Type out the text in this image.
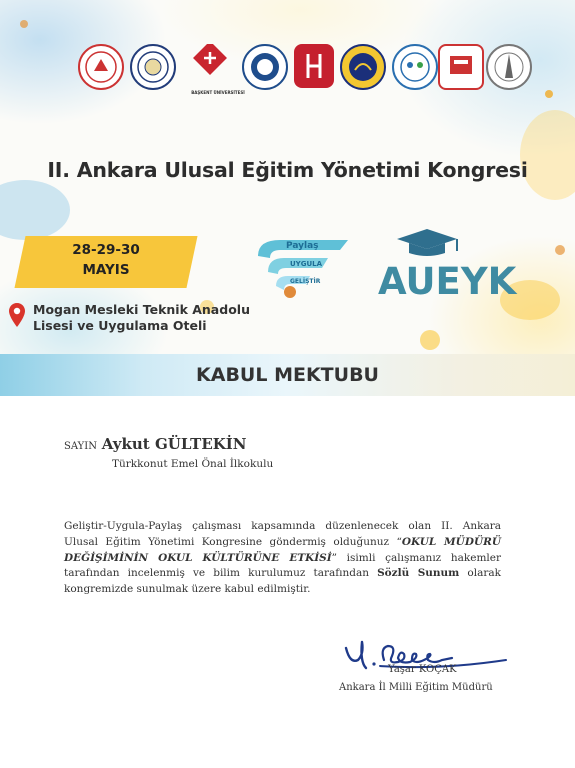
BAŞKENT ÜNİVERSİTESİ
II. Ankara Ulusal Eğitim Yönetimi Kongresi
28-29-30
MAYIS
Mogan Mesleki Teknik Anadolu
Lisesi ve Uygulama Oteli
Paylaş
UYGULA
GELİŞTİR AUEYK
KABUL MEKTUBU
SAYIN Aykut GÜLTEKİN
Türkkonut Emel Önal İlkokulu
Geliştir-Uygula-Paylaş çalışması kapsamında düzenlenecek olan II. Ankara
Ulusal Eğitim Yönetimi Kongresine göndermiş olduğunuz “OKUL MÜDÜRÜ
DEĞİŞİMİNİN OKUL KÜLTÜRÜNE ETKİSİ” isimli çalışmanız hakemler
tarafından incelenmiş ve bilim kurulumuz tarafından Sözlü Sunum olarak
kongremizde sunulmak üzere kabul edilmiştir.
Yaşar KOÇAK
Ankara İl Milli Eğitim Müdürü
